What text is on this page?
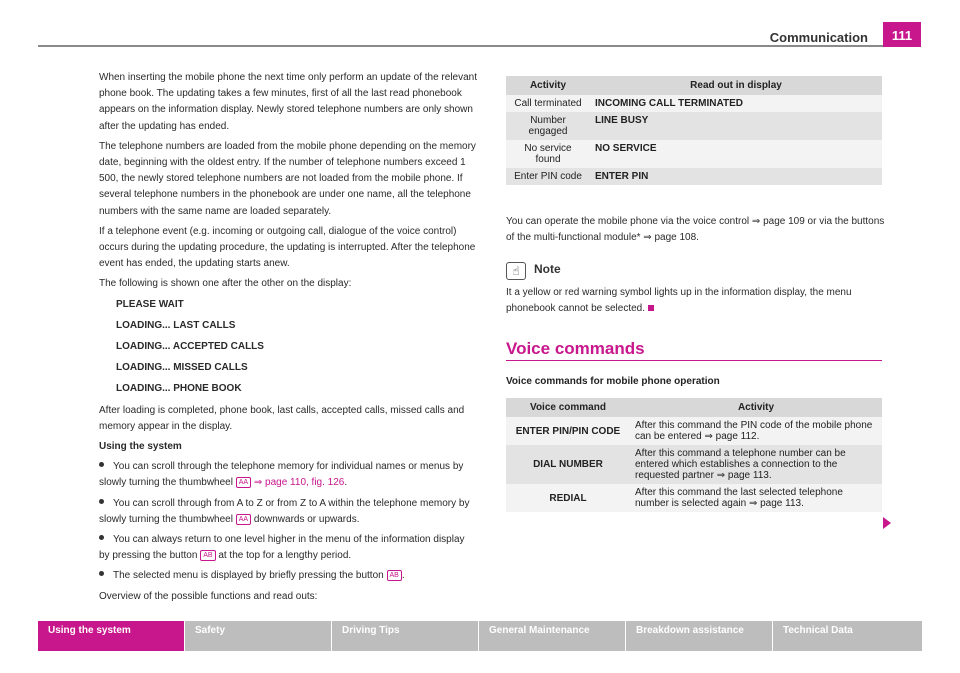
Communication	111

When inserting the mobile phone the next time only perform an update of the relevant phone book. The updating takes a few minutes, first of all the last read phonebook appears on the information display. Newly stored telephone numbers are only shown after the updating has ended.

The telephone numbers are loaded from the mobile phone depending on the memory date, beginning with the oldest entry. If the number of telephone numbers exceed 1 500, the newly stored telephone numbers are not loaded from the mobile phone. If several telephone numbers in the phonebook are under one name, all the telephone numbers with the same name are loaded separately.

If a telephone event (e.g. incoming or outgoing call, dialogue of the voice control) occurs during the updating procedure, the updating is interrupted. After the telephone event has ended, the updating starts anew.

The following is shown one after the other on the display:

PLEASE WAIT

LOADING... LAST CALLS

LOADING... ACCEPTED CALLS

LOADING... MISSED CALLS

LOADING... PHONE BOOK

After loading is completed, phone book, last calls, accepted calls, missed calls and memory appear in the display.

Using the system

You can scroll through the telephone memory for individual names or menus by slowly turning the thumbwheel AA ⇒ page 110, fig. 126.

You can scroll through from A to Z or from Z to A within the telephone memory by slowly turning the thumbwheel AA downwards or upwards.

You can always return to one level higher in the menu of the information display by pressing the button AB at the top for a lengthy period.

The selected menu is displayed by briefly pressing the button AB .

Overview of the possible functions and read outs:

Activity	Read out in display
Call terminated	INCOMING CALL TERMINATED
Number engaged	LINE BUSY
No service found	NO SERVICE
Enter PIN code	ENTER PIN
You can operate the mobile phone via the voice control ⇒ page 109 or via the buttons of the multi-functional module* ⇒ page 108.
☝ Note
It a yellow or red warning symbol lights up in the information display, the menu phonebook cannot be selected.
Voice commands
Voice commands for mobile phone operation
Voice command	Activity
ENTER PIN/PIN CODE	After this command the PIN code of the mobile phone can be entered ⇒ page 112.
DIAL NUMBER	After this command a telephone number can be entered which establishes a connection to the requested partner ⇒ page 113.
REDIAL	After this command the last selected telephone number is selected again ⇒ page 113.
Using the system	Safety	Driving Tips	General Maintenance	Breakdown assistance	Technical Data
